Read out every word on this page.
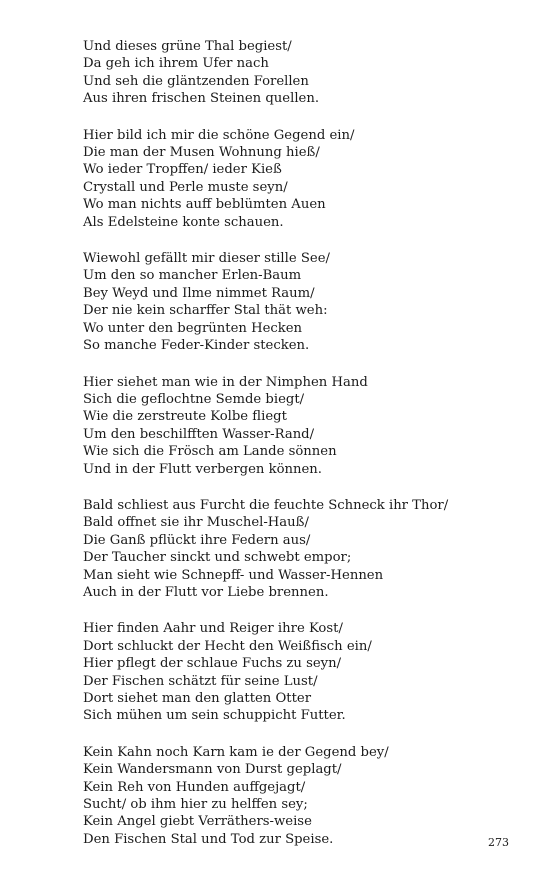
Und dieses grüne Thal begiest/
Da geh ich ihrem Ufer nach
Und seh die gläntzenden Forellen
Aus ihren frischen Steinen quellen.
Hier bild ich mir die schöne Gegend ein/
Die man der Musen Wohnung hieß/
Wo ieder Tropffen/ ieder Kieß
Crystall und Perle muste seyn/
Wo man nichts auff beblümten Auen
Als Edelsteine konte schauen.
Wiewohl gefällt mir dieser stille See/
Um den so mancher Erlen-Baum
Bey Weyd und Ilme nimmet Raum/
Der nie kein scharffer Stal thät weh:
Wo unter den begrünten Hecken
So manche Feder-Kinder stecken.
Hier siehet man wie in der Nimphen Hand
Sich die geflochtne Semde biegt/
Wie die zerstreute Kolbe fliegt
Um den beschilfften Wasser-Rand/
Wie sich die Frösch am Lande sönnen
Und in der Flutt verbergen können.
Bald schliest aus Furcht die feuchte Schneck ihr Thor/
Bald offnet sie ihr Muschel-Hauß/
Die Ganß pflückt ihre Federn aus/
Der Taucher sinckt und schwebt empor;
Man sieht wie Schnepff- und Wasser-Hennen
Auch in der Flutt vor Liebe brennen.
Hier finden Aahr und Reiger ihre Kost/
Dort schluckt der Hecht den Weißfisch ein/
Hier pflegt der schlaue Fuchs zu seyn/
Der Fischen schätzt für seine Lust/
Dort siehet man den glatten Otter
Sich mühen um sein schuppicht Futter.
Kein Kahn noch Karn kam ie der Gegend bey/
Kein Wandersmann von Durst geplagt/
Kein Reh von Hunden auffgejagt/
Sucht/ ob ihm hier zu helffen sey;
Kein Angel giebt Verräthers-weise
Den Fischen Stal und Tod zur Speise.	273
